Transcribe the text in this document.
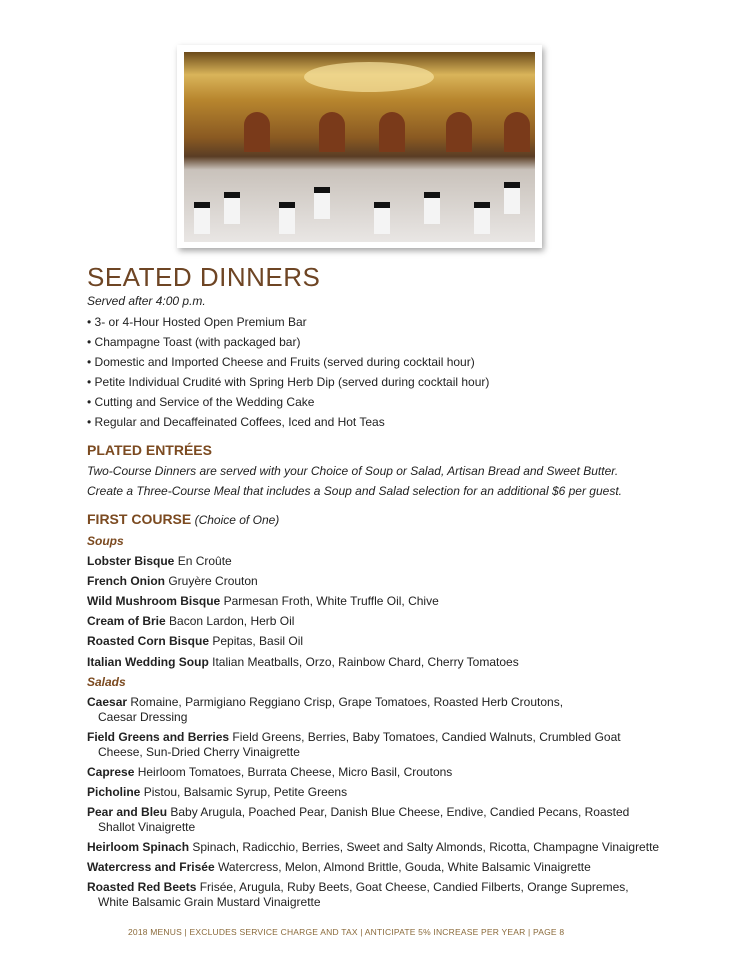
SEATED DINNERS
Served after 4:00 p.m.
• 3- or 4-Hour Hosted Open Premium Bar
• Champagne Toast (with packaged bar)
• Domestic and Imported Cheese and Fruits (served during cocktail hour)
• Petite Individual Crudité with Spring Herb Dip (served during cocktail hour)
• Cutting and Service of the Wedding Cake
• Regular and Decaffeinated Coffees, Iced and Hot Teas
PLATED ENTRÉES
Two-Course Dinners are served with your Choice of Soup or Salad, Artisan Bread and Sweet Butter.
Create a Three-Course Meal that includes a Soup and Salad selection for an additional $6 per guest.
FIRST COURSE (Choice of One)
Soups
Lobster Bisque En Croûte
French Onion Gruyère Crouton
Wild Mushroom Bisque Parmesan Froth, White Truffle Oil, Chive
Cream of Brie Bacon Lardon, Herb Oil
Roasted Corn Bisque Pepitas, Basil Oil
Italian Wedding Soup Italian Meatballs, Orzo, Rainbow Chard, Cherry Tomatoes
Salads
Caesar Romaine, Parmigiano Reggiano Crisp, Grape Tomatoes, Roasted Herb Croutons,
Caesar Dressing
Field Greens and Berries Field Greens, Berries, Baby Tomatoes, Candied Walnuts, Crumbled Goat
Cheese, Sun-Dried Cherry Vinaigrette
Caprese Heirloom Tomatoes, Burrata Cheese, Micro Basil, Croutons
Picholine Pistou, Balsamic Syrup, Petite Greens
Pear and Bleu Baby Arugula, Poached Pear, Danish Blue Cheese, Endive, Candied Pecans, Roasted
Shallot Vinaigrette
Heirloom Spinach Spinach, Radicchio, Berries, Sweet and Salty Almonds, Ricotta, Champagne Vinaigrette
Watercress and Frisée Watercress, Melon, Almond Brittle, Gouda, White Balsamic Vinaigrette
Roasted Red Beets Frisée, Arugula, Ruby Beets, Goat Cheese, Candied Filberts, Orange Supremes,
White Balsamic Grain Mustard Vinaigrette
2018 MENUS | EXCLUDES SERVICE CHARGE AND TAX | ANTICIPATE 5% INCREASE PER YEAR | PAGE 8
